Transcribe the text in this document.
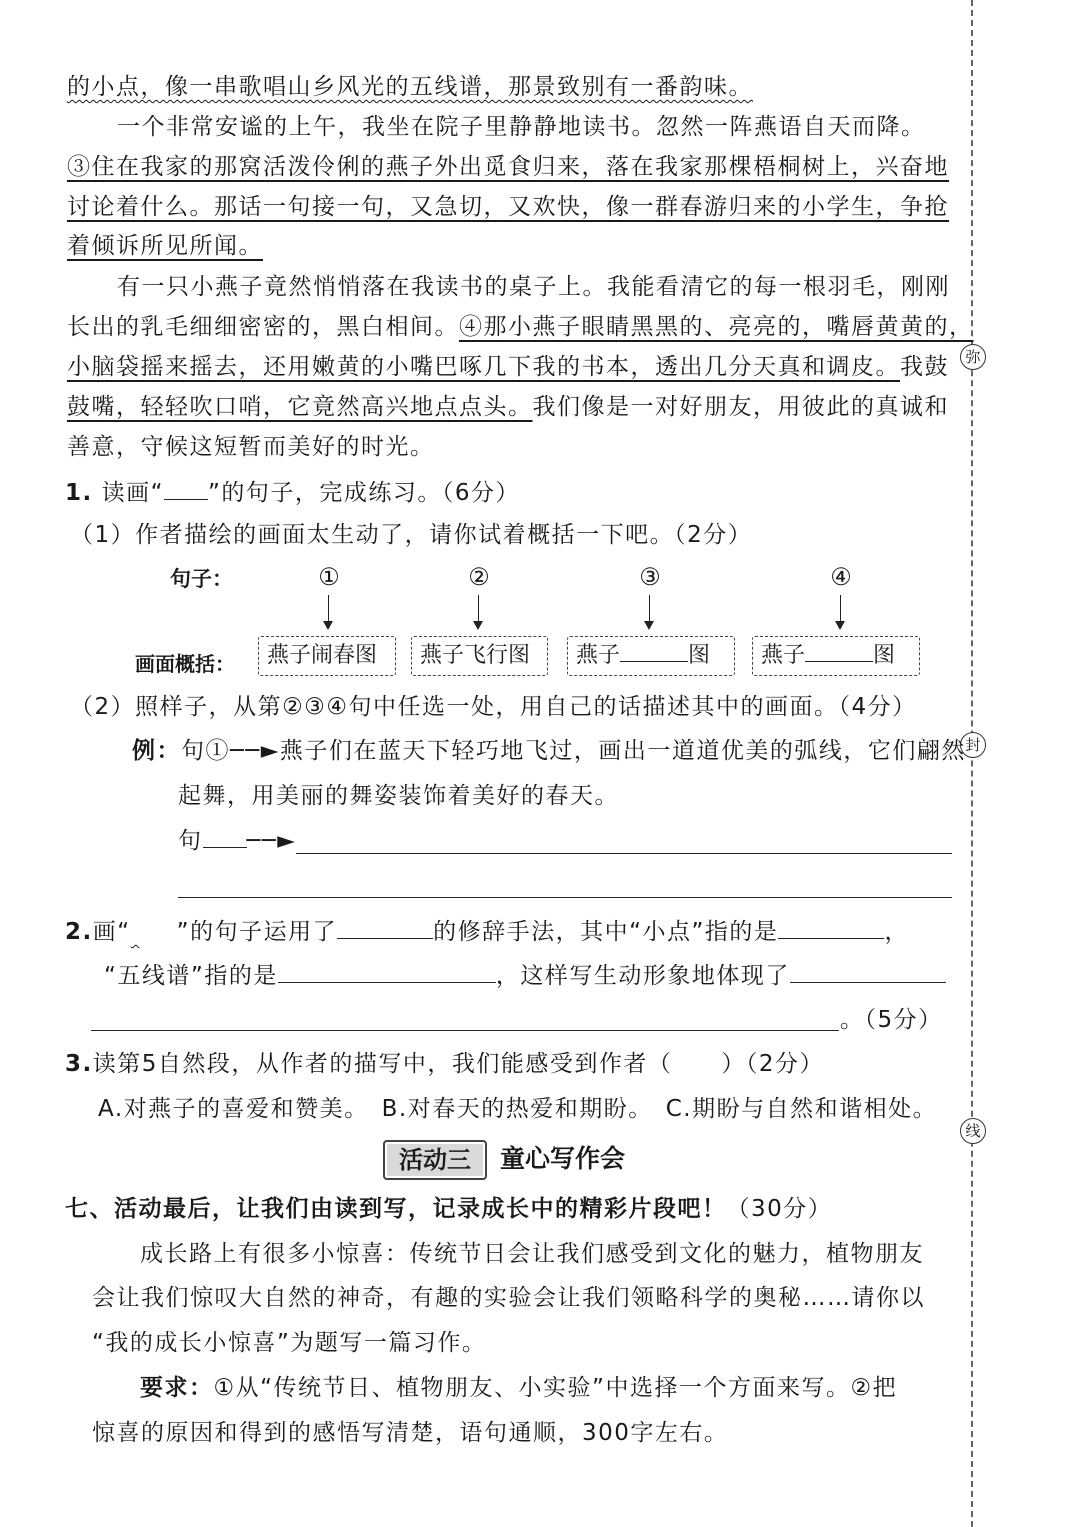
弥
封
线
的小点，像一串歌唱山乡风光的五线谱，那景致别有一番韵味。
一个非常安谧的上午，我坐在院子里静静地读书。忽然一阵燕语自天而降。
③住在我家的那窝活泼伶俐的燕子外出觅食归来，落在我家那棵梧桐树上，兴奋地
讨论着什么。那话一句接一句，又急切，又欢快，像一群春游归来的小学生，争抢
着倾诉所见所闻。
有一只小燕子竟然悄悄落在我读书的桌子上。我能看清它的每一根羽毛，刚刚
长出的乳毛细细密密的，黑白相间。④那小燕子眼睛黑黑的、亮亮的，嘴唇黄黄的，
小脑袋摇来摇去，还用嫩黄的小嘴巴啄几下我的书本，透出几分天真和调皮。我鼓
鼓嘴，轻轻吹口哨，它竟然高兴地点点头。我们像是一对好朋友，用彼此的真诚和
善意，守候这短暂而美好的时光。
1. 读画“ ”的句子，完成练习。（6分）
（1）作者描绘的画面太生动了，请你试着概括一下吧。（2分）
句子：	①	②	③	④
画面概括：	燕子闹春图	燕子飞行图	燕子	图	燕子	图
（2）照样子，从第②③④句中任选一处，用自己的话描述其中的画面。（4分）
例：句①──►燕子们在蓝天下轻巧地飞过，画出一道道优美的弧线，它们翩然
起舞，用美丽的舞姿装饰着美好的春天。
句 ──►
2.画“ ”的句子运用了	的修辞手法，其中“小点”指的是	，
“五线谱”指的是	，这样写生动形象地体现了
。（5分）
3.读第5自然段，从作者的描写中，我们能感受到作者（　　）（2分）
A.对燕子的喜爱和赞美。　B.对春天的热爱和期盼。　C.期盼与自然和谐相处。
活动三	童心写作会
七、活动最后，让我们由读到写，记录成长中的精彩片段吧！（30分）
成长路上有很多小惊喜：传统节日会让我们感受到文化的魅力，植物朋友
会让我们惊叹大自然的神奇，有趣的实验会让我们领略科学的奥秘……请你以
“我的成长小惊喜”为题写一篇习作。
要求：①从“传统节日、植物朋友、小实验”中选择一个方面来写。②把
惊喜的原因和得到的感悟写清楚，语句通顺，300字左右。
